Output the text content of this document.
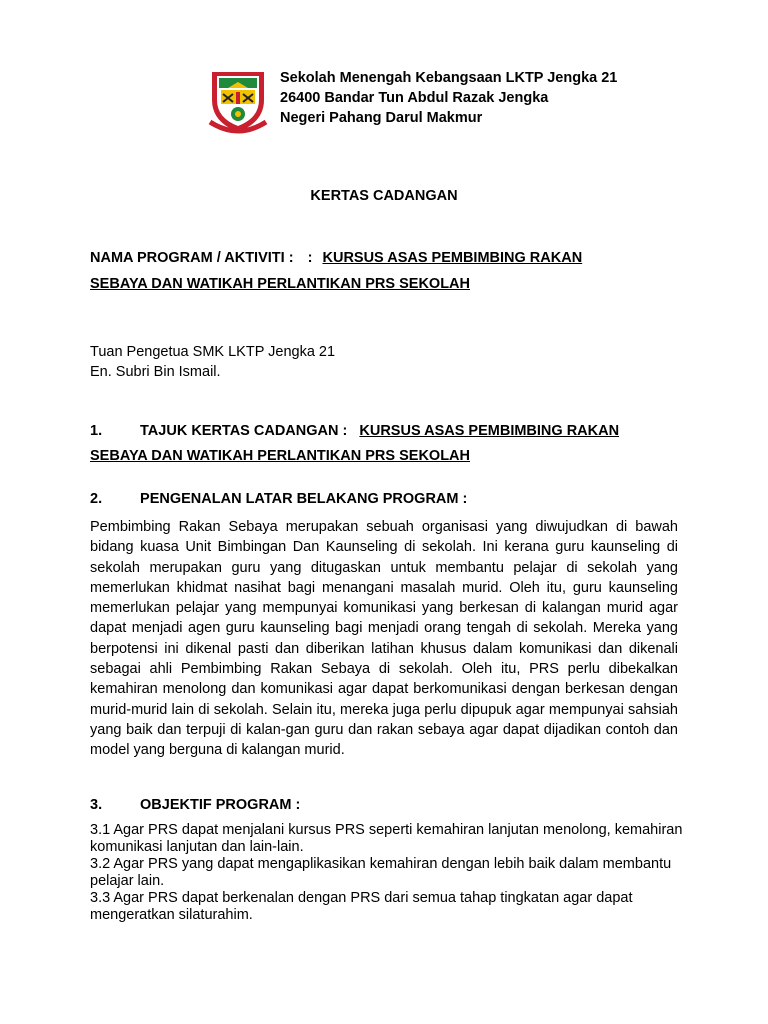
Sekolah Menengah Kebangsaan LKTP Jengka 21
26400 Bandar Tun Abdul Razak Jengka
Negeri Pahang Darul Makmur
KERTAS CADANGAN
NAMA PROGRAM / AKTIVITI : : KURSUS ASAS PEMBIMBING RAKAN
SEBAYA DAN WATIKAH PERLANTIKAN PRS SEKOLAH
Tuan Pengetua SMK LKTP Jengka 21
En. Subri Bin Ismail.
1.	TAJUK KERTAS CADANGAN : KURSUS ASAS PEMBIMBING RAKAN
SEBAYA DAN WATIKAH PERLANTIKAN PRS SEKOLAH
2.	PENGENALAN LATAR BELAKANG PROGRAM :
Pembimbing Rakan Sebaya merupakan sebuah organisasi yang diwujudkan di bawah bidang kuasa Unit Bimbingan Dan Kaunseling di sekolah. Ini kerana guru kaunseling di sekolah merupakan guru yang ditugaskan untuk membantu pelajar di sekolah yang memerlukan khidmat nasihat bagi menangani masalah murid. Oleh itu, guru kaunseling memerlukan pelajar yang mempunyai komunikasi yang berkesan di kalangan murid agar dapat menjadi agen guru kaunseling bagi menjadi orang tengah di sekolah. Mereka yang berpotensi ini dikenal pasti dan diberikan latihan khusus dalam komunikasi dan dikenali sebagai ahli Pembimbing Rakan Sebaya di sekolah. Oleh itu, PRS perlu dibekalkan kemahiran menolong dan komunikasi agar dapat berkomunikasi dengan berkesan dengan murid-murid lain di sekolah. Selain itu, mereka juga perlu dipupuk agar mempunyai sahsiah yang baik dan terpuji di kalan-gan guru dan rakan sebaya agar dapat dijadikan contoh dan model yang berguna di kalangan murid.
3.	OBJEKTIF PROGRAM :

3.1 Agar PRS dapat menjalani kursus PRS seperti kemahiran lanjutan menolong, kemahiran komunikasi lanjutan dan lain-lain.

3.2 Agar PRS yang dapat mengaplikasikan kemahiran dengan lebih baik dalam membantu pelajar lain.

3.3 Agar PRS dapat berkenalan dengan PRS dari semua tahap tingkatan agar dapat mengeratkan silaturahim.
